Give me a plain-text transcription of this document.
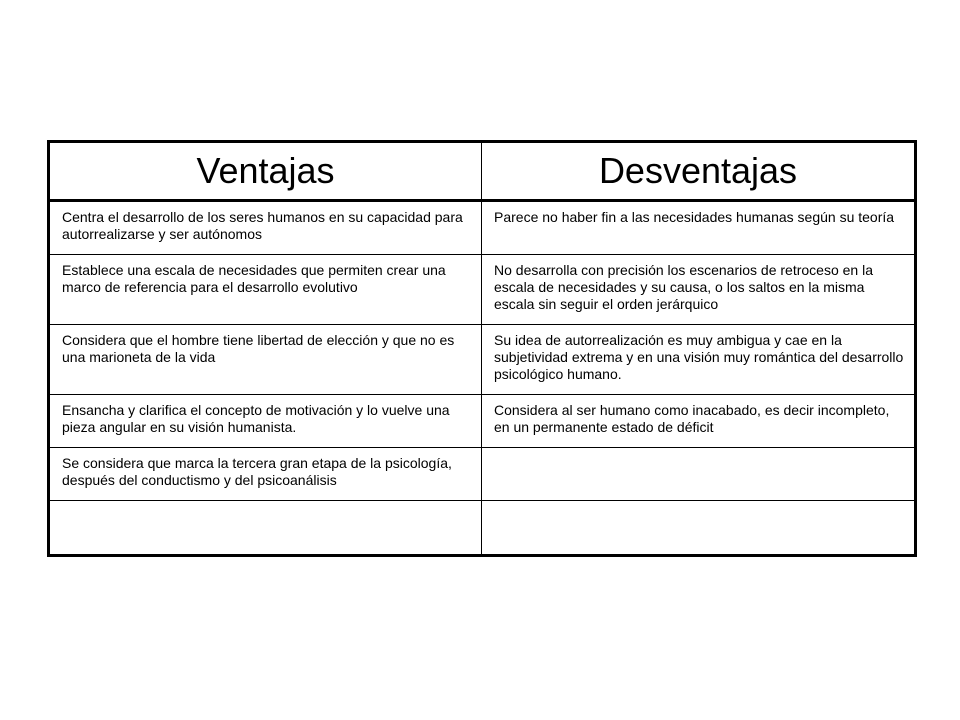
Ventajas	Desventajas
Centra el desarrollo de los seres humanos en su capacidad para autorrealizarse y ser autónomos	Parece no haber fin a las necesidades humanas según su teoría
Establece una escala de necesidades que permiten crear una marco de referencia para el desarrollo evolutivo	No desarrolla con precisión los escenarios de retroceso en la escala de necesidades y su causa, o los saltos en la misma escala sin seguir el orden jerárquico
Considera que el hombre tiene libertad de elección y que no es una marioneta de la vida	Su idea de autorrealización es muy ambigua y cae en la subjetividad extrema y en una visión muy romántica del desarrollo psicológico humano.
Ensancha y clarifica el concepto de motivación y lo vuelve una pieza angular en su visión humanista.	Considera al ser humano como inacabado, es decir incompleto, en un permanente estado de déficit
Se considera que marca la tercera gran etapa de la psicología, después del conductismo y del psicoanálisis	
